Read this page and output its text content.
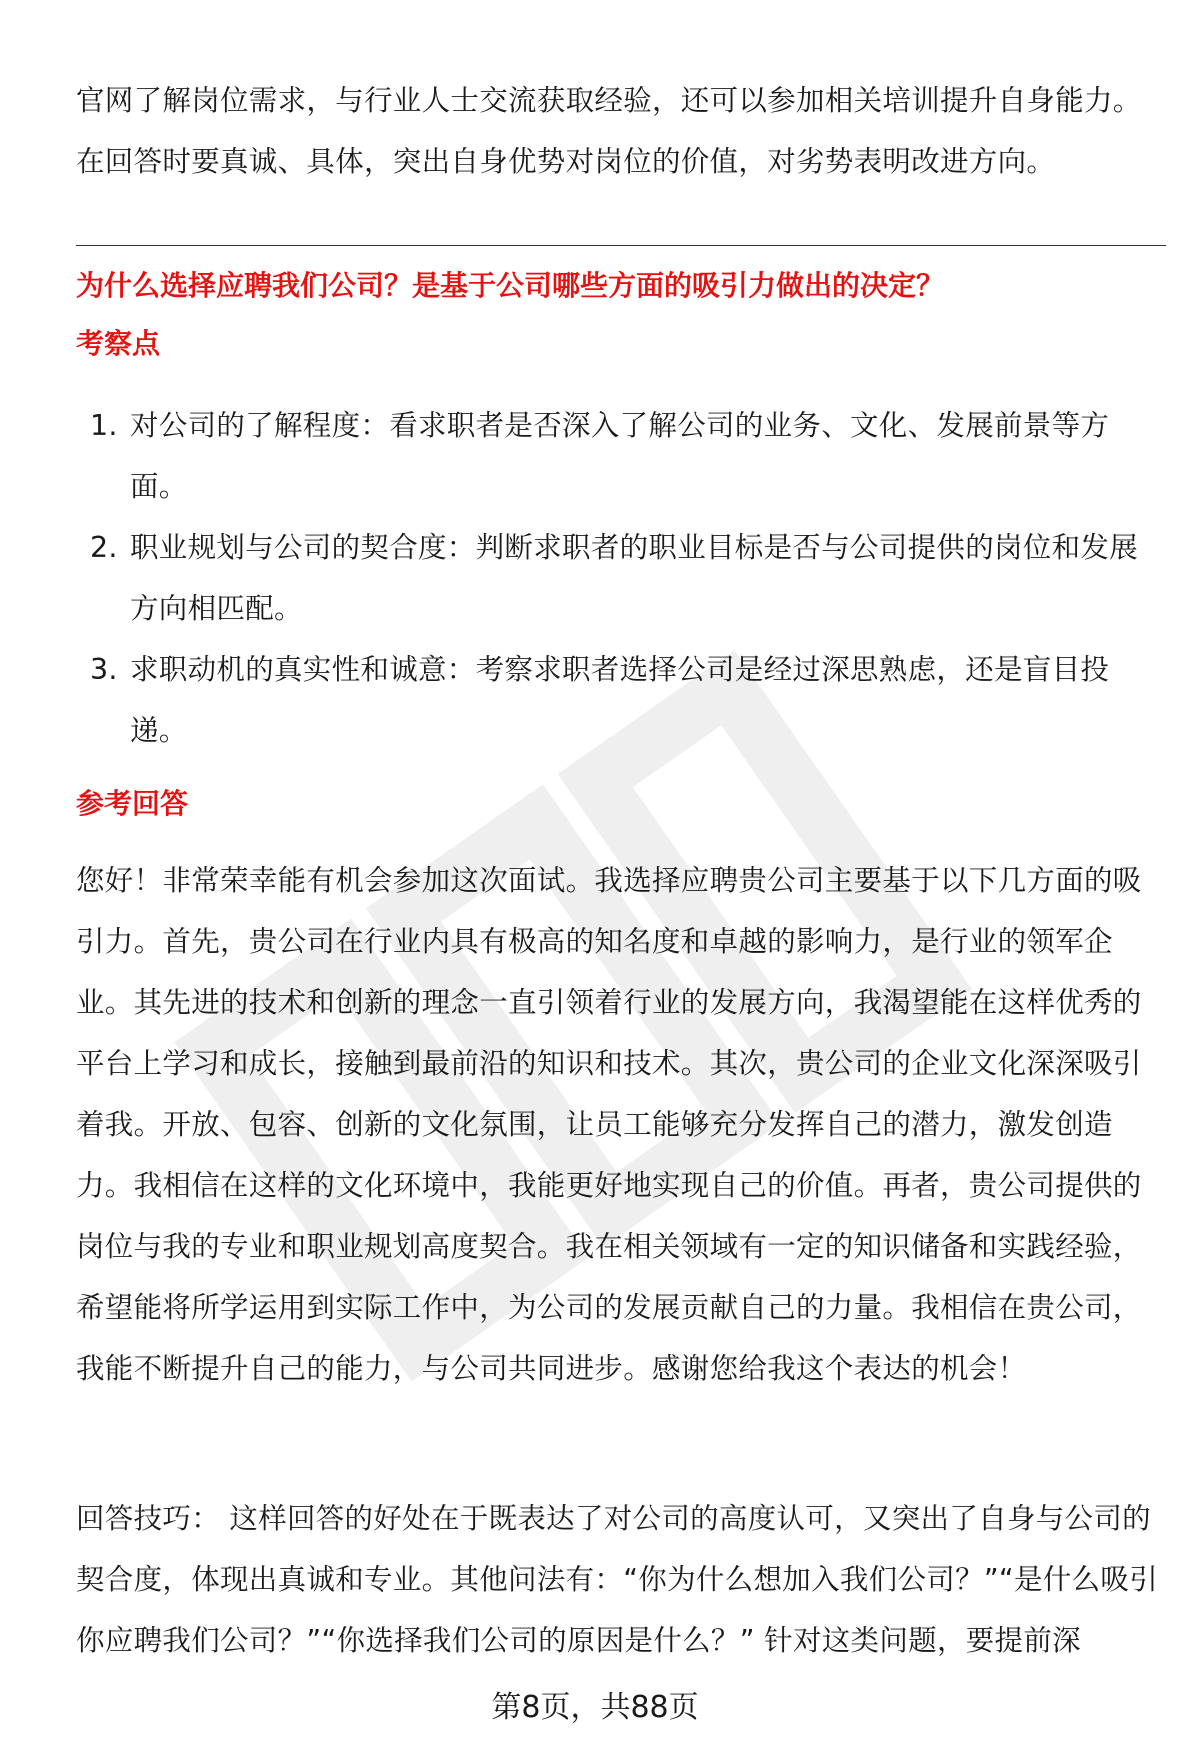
官网了解岗位需求，与行业人士交流获取经验，还可以参加相关培训提升自身能力。在回答时要真诚、具体，突出自身优势对岗位的价值，对劣势表明改进方向。

为什么选择应聘我们公司？是基于公司哪些方面的吸引力做出的决定？

考察点

1. 对公司的了解程度：看求职者是否深入了解公司的业务、文化、发展前景等方面。
2. 职业规划与公司的契合度：判断求职者的职业目标是否与公司提供的岗位和发展方向相匹配。
3. 求职动机的真实性和诚意：考察求职者选择公司是经过深思熟虑，还是盲目投递。

参考回答

您好！非常荣幸能有机会参加这次面试。我选择应聘贵公司主要基于以下几方面的吸引力。首先，贵公司在行业内具有极高的知名度和卓越的影响力，是行业的领军企业。其先进的技术和创新的理念一直引领着行业的发展方向，我渴望能在这样优秀的平台上学习和成长，接触到最前沿的知识和技术。其次，贵公司的企业文化深深吸引着我。开放、包容、创新的文化氛围，让员工能够充分发挥自己的潜力，激发创造力。我相信在这样的文化环境中，我能更好地实现自己的价值。再者，贵公司提供的岗位与我的专业和职业规划高度契合。我在相关领域有一定的知识储备和实践经验，希望能将所学运用到实际工作中，为公司的发展贡献自己的力量。我相信在贵公司，我能不断提升自己的能力，与公司共同进步。感谢您给我这个表达的机会！

回答技巧： 这样回答的好处在于既表达了对公司的高度认可，又突出了自身与公司的契合度，体现出真诚和专业。其他问法有：“你为什么想加入我们公司？”“是什么吸引你应聘我们公司？”“你选择我们公司的原因是什么？” 针对这类问题，要提前深

第8页，共88页
